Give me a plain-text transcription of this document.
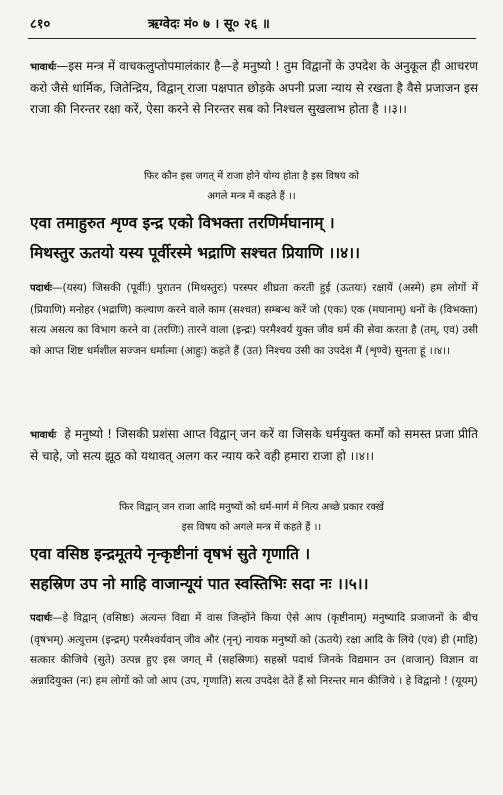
८१०	ऋग्वेदः मं० ७ । सू० २६ ॥

भावार्थः—इस मन्त्र में वाचकलुप्तोपमालंकार है—हे मनुष्यो ! तुम विद्वानों के उपदेश के अनुकूल ही आचरण करो जैसे धार्मिक, जितेन्द्रिय, विद्वान् राजा पक्षपात छोड़के अपनी प्रजा न्याय से रखता है वैसे प्रजाजन इस राजा की निरन्तर रक्षा करें, ऐसा करने से निरन्तर सब को निश्चल सुखलाभ होता है ।।३।।

फिर कौन इस जगत् में राजा होने योग्य होता है इस विषय को

अगले मन्त्र में कहते हैं ।।

एवा तमाहुरुत शृण्व इन्द्र एको विभक्ता तरणिर्मघानाम् ।

मिथस्तुर ऊतयो यस्य पूर्वीरस्मे भद्राणि सश्चत प्रियाणि ।।४।।

पदार्थः—(यस्य) जिसकी (पूर्वीः) पुरातन (मिथस्तुरः) परस्पर शीघ्रता करती हुई (ऊतयः) रक्षायें (अस्मे) हम लोगों में (प्रियाणि) मनोहर (भद्राणि) कल्याण करने वाले काम (सश्चत) सम्बन्ध करें जो (एकः) एक (मघानाम्) धनों के (विभक्ता) सत्य असत्य का विभाग करने वा (तरणिः) तारने वाला (इन्द्रः) परमैश्वर्य युक्त जीव धर्म की सेवा करता है (तम्, एव) उसी को आप्त शिष्ट धर्मशील सज्जन धर्मात्मा (आहुः) कहते हैं (उत) निश्चय उसी का उपदेश मैं (शृण्वे) सुनता हूं ।।४।।

भावार्थः हे मनुष्यो ! जिसकी प्रशंसा आप्त विद्वान् जन करें वा जिसके धर्मयुक्त कर्मों को समस्त प्रजा प्रीति से चाहे, जो सत्य झूठ को यथावत् अलग कर न्याय करे वही हमारा राजा हो ।।४।।

फिर विद्वान् जन राजा आदि मनुष्यों को धर्म-मार्ग में नित्य अच्छे प्रकार रक्खें

इस विषय को अगले मन्त्र में कहते हैं ।।

एवा वसिष्ठ इन्द्रमूतये नृन्कृष्टीनां वृषभं सुते गृणाति ।

सहस्रिण उप नो माहि वाजान्यूयं पात स्वस्तिभिः सदा नः ।।५।।

पदार्थः—हे विद्वान् (वसिष्ठः) अत्यन्त विद्या में वास जिन्होंने किया ऐसे आप (कृष्टीनाम्) मनुष्यादि प्रजाजनों के बीच (वृषभम्) अत्युत्तम (इन्द्रम्) परमैश्वर्यवान् जीव और (नृन्) नायक मनुष्यों को (ऊतये) रक्षा आदि के लिये (एव) ही (माहि) सत्कार कीजिये (सुते) उत्पन्न हुए इस जगत् में (सहस्रिणः) सहस्रों पदार्थ जिनके विद्यमान उन (वाजान्) विज्ञान वा अन्नादियुक्त (नः) हम लोगों को जो आप (उप, गृणाति) सत्य उपदेश देते हैं सो निरन्तर मान कीजिये । हे विद्वानो ! (यूयम्)
